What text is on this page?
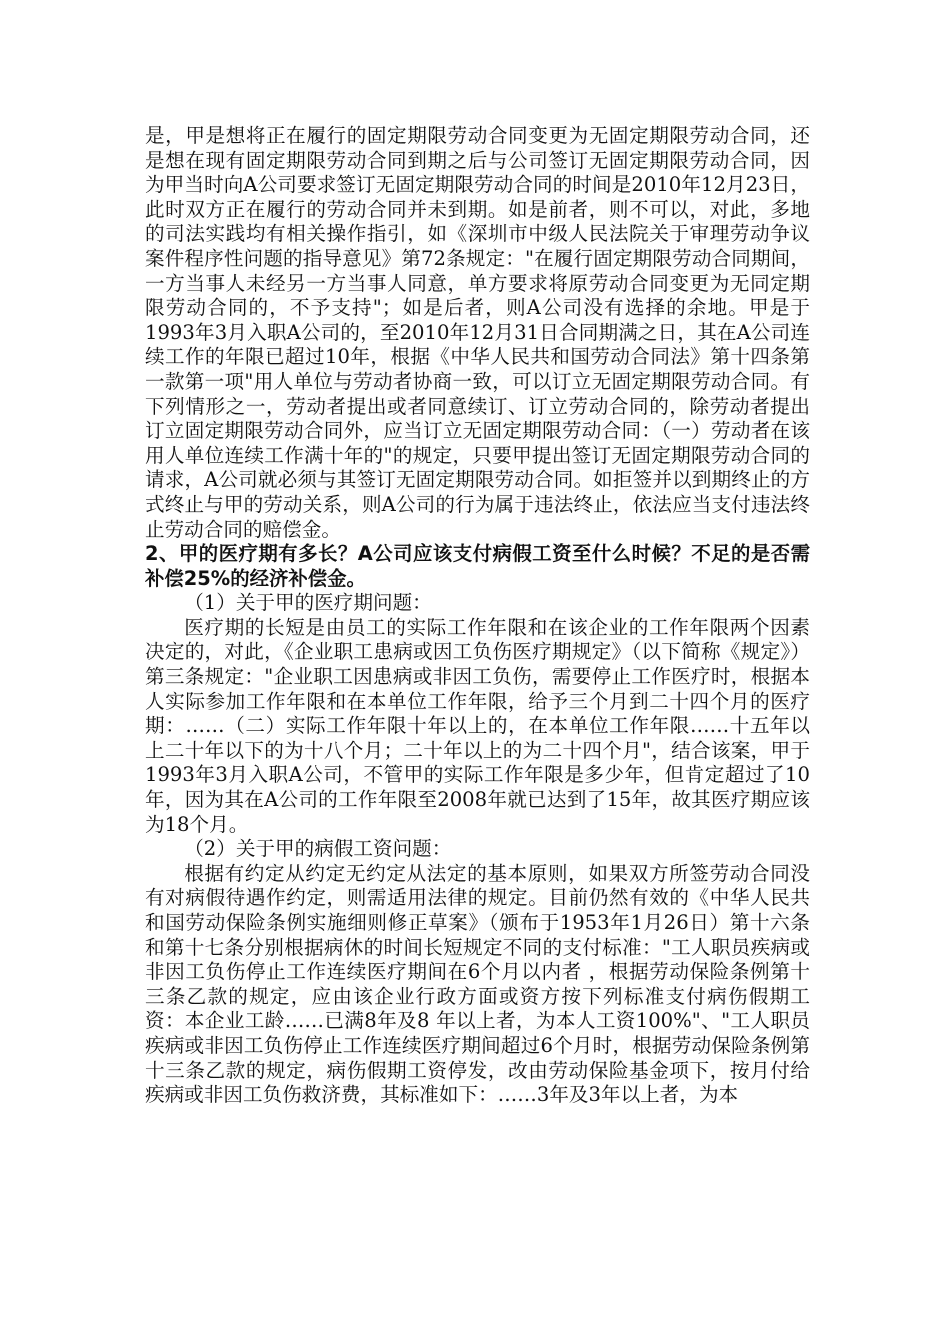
是，甲是想将正在履行的固定期限劳动合同变更为无固定期限劳动合同，还是想在现有固定期限劳动合同到期之后与公司签订无固定期限劳动合同，因为甲当时向A公司要求签订无固定期限劳动合同的时间是2010年12月23日，此时双方正在履行的劳动合同并未到期。如是前者，则不可以，对此，多地的司法实践均有相关操作指引，如《深圳市中级人民法院关于审理劳动争议案件程序性问题的指导意见》第72条规定："在履行固定期限劳动合同期间，一方当事人未经另一方当事人同意，单方要求将原劳动合同变更为无同定期限劳动合同的，不予支持"；如是后者，则A公司没有选择的余地。甲是于1993年3月入职A公司的，至2010年12月31日合同期满之日，其在A公司连续工作的年限已超过10年，根据《中华人民共和国劳动合同法》第十四条第一款第一项"用人单位与劳动者协商一致，可以订立无固定期限劳动合同。有下列情形之一，劳动者提出或者同意续订、订立劳动合同的，除劳动者提出订立固定期限劳动合同外，应当订立无固定期限劳动合同：（一）劳动者在该用人单位连续工作满十年的"的规定，只要甲提出签订无固定期限劳动合同的请求，A公司就必须与其签订无固定期限劳动合同。如拒签并以到期终止的方式终止与甲的劳动关系，则A公司的行为属于违法终止，依法应当支付违法终止劳动合同的赔偿金。

2、甲的医疗期有多长？A公司应该支付病假工资至什么时候？不足的是否需补偿25%的经济补偿金。

（1）关于甲的医疗期问题：

医疗期的长短是由员工的实际工作年限和在该企业的工作年限两个因素决定的，对此，《企业职工患病或因工负伤医疗期规定》（以下简称《规定》）第三条规定："企业职工因患病或非因工负伤，需要停止工作医疗时，根据本人实际参加工作年限和在本单位工作年限，给予三个月到二十四个月的医疗期：……（二）实际工作年限十年以上的，在本单位工作年限……十五年以上二十年以下的为十八个月；二十年以上的为二十四个月"，结合该案，甲于1993年3月入职A公司，不管甲的实际工作年限是多少年，但肯定超过了10年，因为其在A公司的工作年限至2008年就已达到了15年，故其医疗期应该为18个月。

（2）关于甲的病假工资问题：

根据有约定从约定无约定从法定的基本原则，如果双方所签劳动合同没有对病假待遇作约定，则需适用法律的规定。目前仍然有效的《中华人民共和国劳动保险条例实施细则修正草案》（颁布于1953年1月26日）第十六条和第十七条分别根据病休的时间长短规定不同的支付标准："工人职员疾病或非因工负伤停止工作连续医疗期间在6个月以内者 ，根据劳动保险条例第十三条乙款的规定，应由该企业行政方面或资方按下列标准支付病伤假期工资：本企业工龄……已满8年及8 年以上者，为本人工资100%"、"工人职员疾病或非因工负伤停止工作连续医疗期间超过6个月时，根据劳动保险条例第十三条乙款的规定，病伤假期工资停发，改由劳动保险基金项下，按月付给疾病或非因工负伤救济费，其标准如下：……3年及3年以上者，为本
